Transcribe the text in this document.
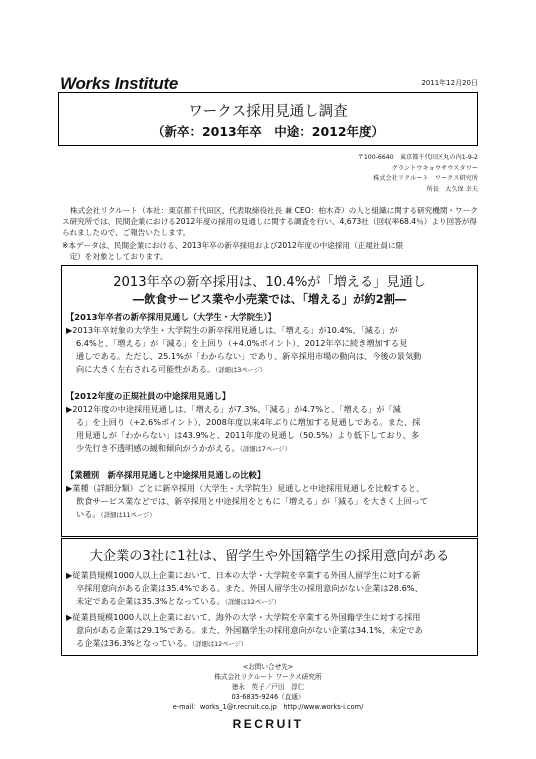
Works Institute	2011年12月20日
ワークス採用見通し調査
（新卒：2013年卒　中途：2012年度）
〒100-6640　東京都千代田区丸の内1-9-2
グラントウキョウサウスタワー
株式会社リクルート　ワークス研究所
所長　大久保 幸夫
株式会社リクルート（本社：東京都千代田区、代表取締役社長 兼 CEO：柏木斉）の人と組織に関する研究機関・ワークス研究所では、民間企業における2012年度の採用の見通しに関する調査を行い、4,673社（回収率68.4％）より回答が得られましたので、ご報告いたします。
※本データは、民間企業における、2013年卒の新卒採用および2012年度の中途採用（正規社員に限
　定）を対象としております。
2013年卒の新卒採用は、10.4%が「増える」見通し
―飲食サービス業や小売業では、「増える」が約2割―
【2013年卒者の新卒採用見通し（大学生・大学院生）】
▶2013年卒対象の大学生・大学院生の新卒採用見通しは、「増える」が10.4%、「減る」が

6.4%と、「増える」が「減る」を上回り（+4.0%ポイント）、2012年卒に続き増加する見
通しである。ただし、25.1%が「わからない」であり、新卒採用市場の動向は、今後の景気動
向に大きく左右される可能性がある。（詳細は3ページ）
【2012年度の正規社員の中途採用見通し】
▶2012年度の中途採用見通しは、「増える」が7.3%、「減る」が4.7%と、「増える」が「減

る」を上回り（+2.6%ポイント）、2008年度以来4年ぶりに増加する見通しである。また、採
用見通しが「わからない」は43.9%と、2011年度の見通し（50.5%）より低下しており、多
少先行き不透明感の緩和傾向がうかがえる。（詳細は7ページ）
【業種別　新卒採用見通しと中途採用見通しの比較】
▶業種（詳細分類）ごとに新卒採用（大学生・大学院生）見通しと中途採用見通しを比較すると、

飲食サービス業などでは、新卒採用と中途採用をともに「増える」が「減る」を大きく上回って
いる。（詳細は11ページ）
大企業の3社に1社は、留学生や外国籍学生の採用意向がある
▶従業員規模1000人以上企業において、日本の大学・大学院を卒業する外国人留学生に対する新

卒採用意向がある企業は35.4%である。また、外国人留学生の採用意向がない企業は28.6%、
未定である企業は35.3%となっている。（詳細は12ページ）
▶従業員規模1000人以上企業において、海外の大学・大学院を卒業する外国籍学生に対する採用

意向がある企業は29.1%である。また、外国籍学生の採用意向がない企業は34.1%、未定であ
る企業は36.3%となっている。（詳細は12ページ）
<お問い合せ先>
株式会社リクルート ワークス研究所
徳永　英子／戸田　淳仁
03-6835-9246（直通）
e-mail：works_1@r.recruit.co.jp　http://www.works-i.com/
RECRUIT
